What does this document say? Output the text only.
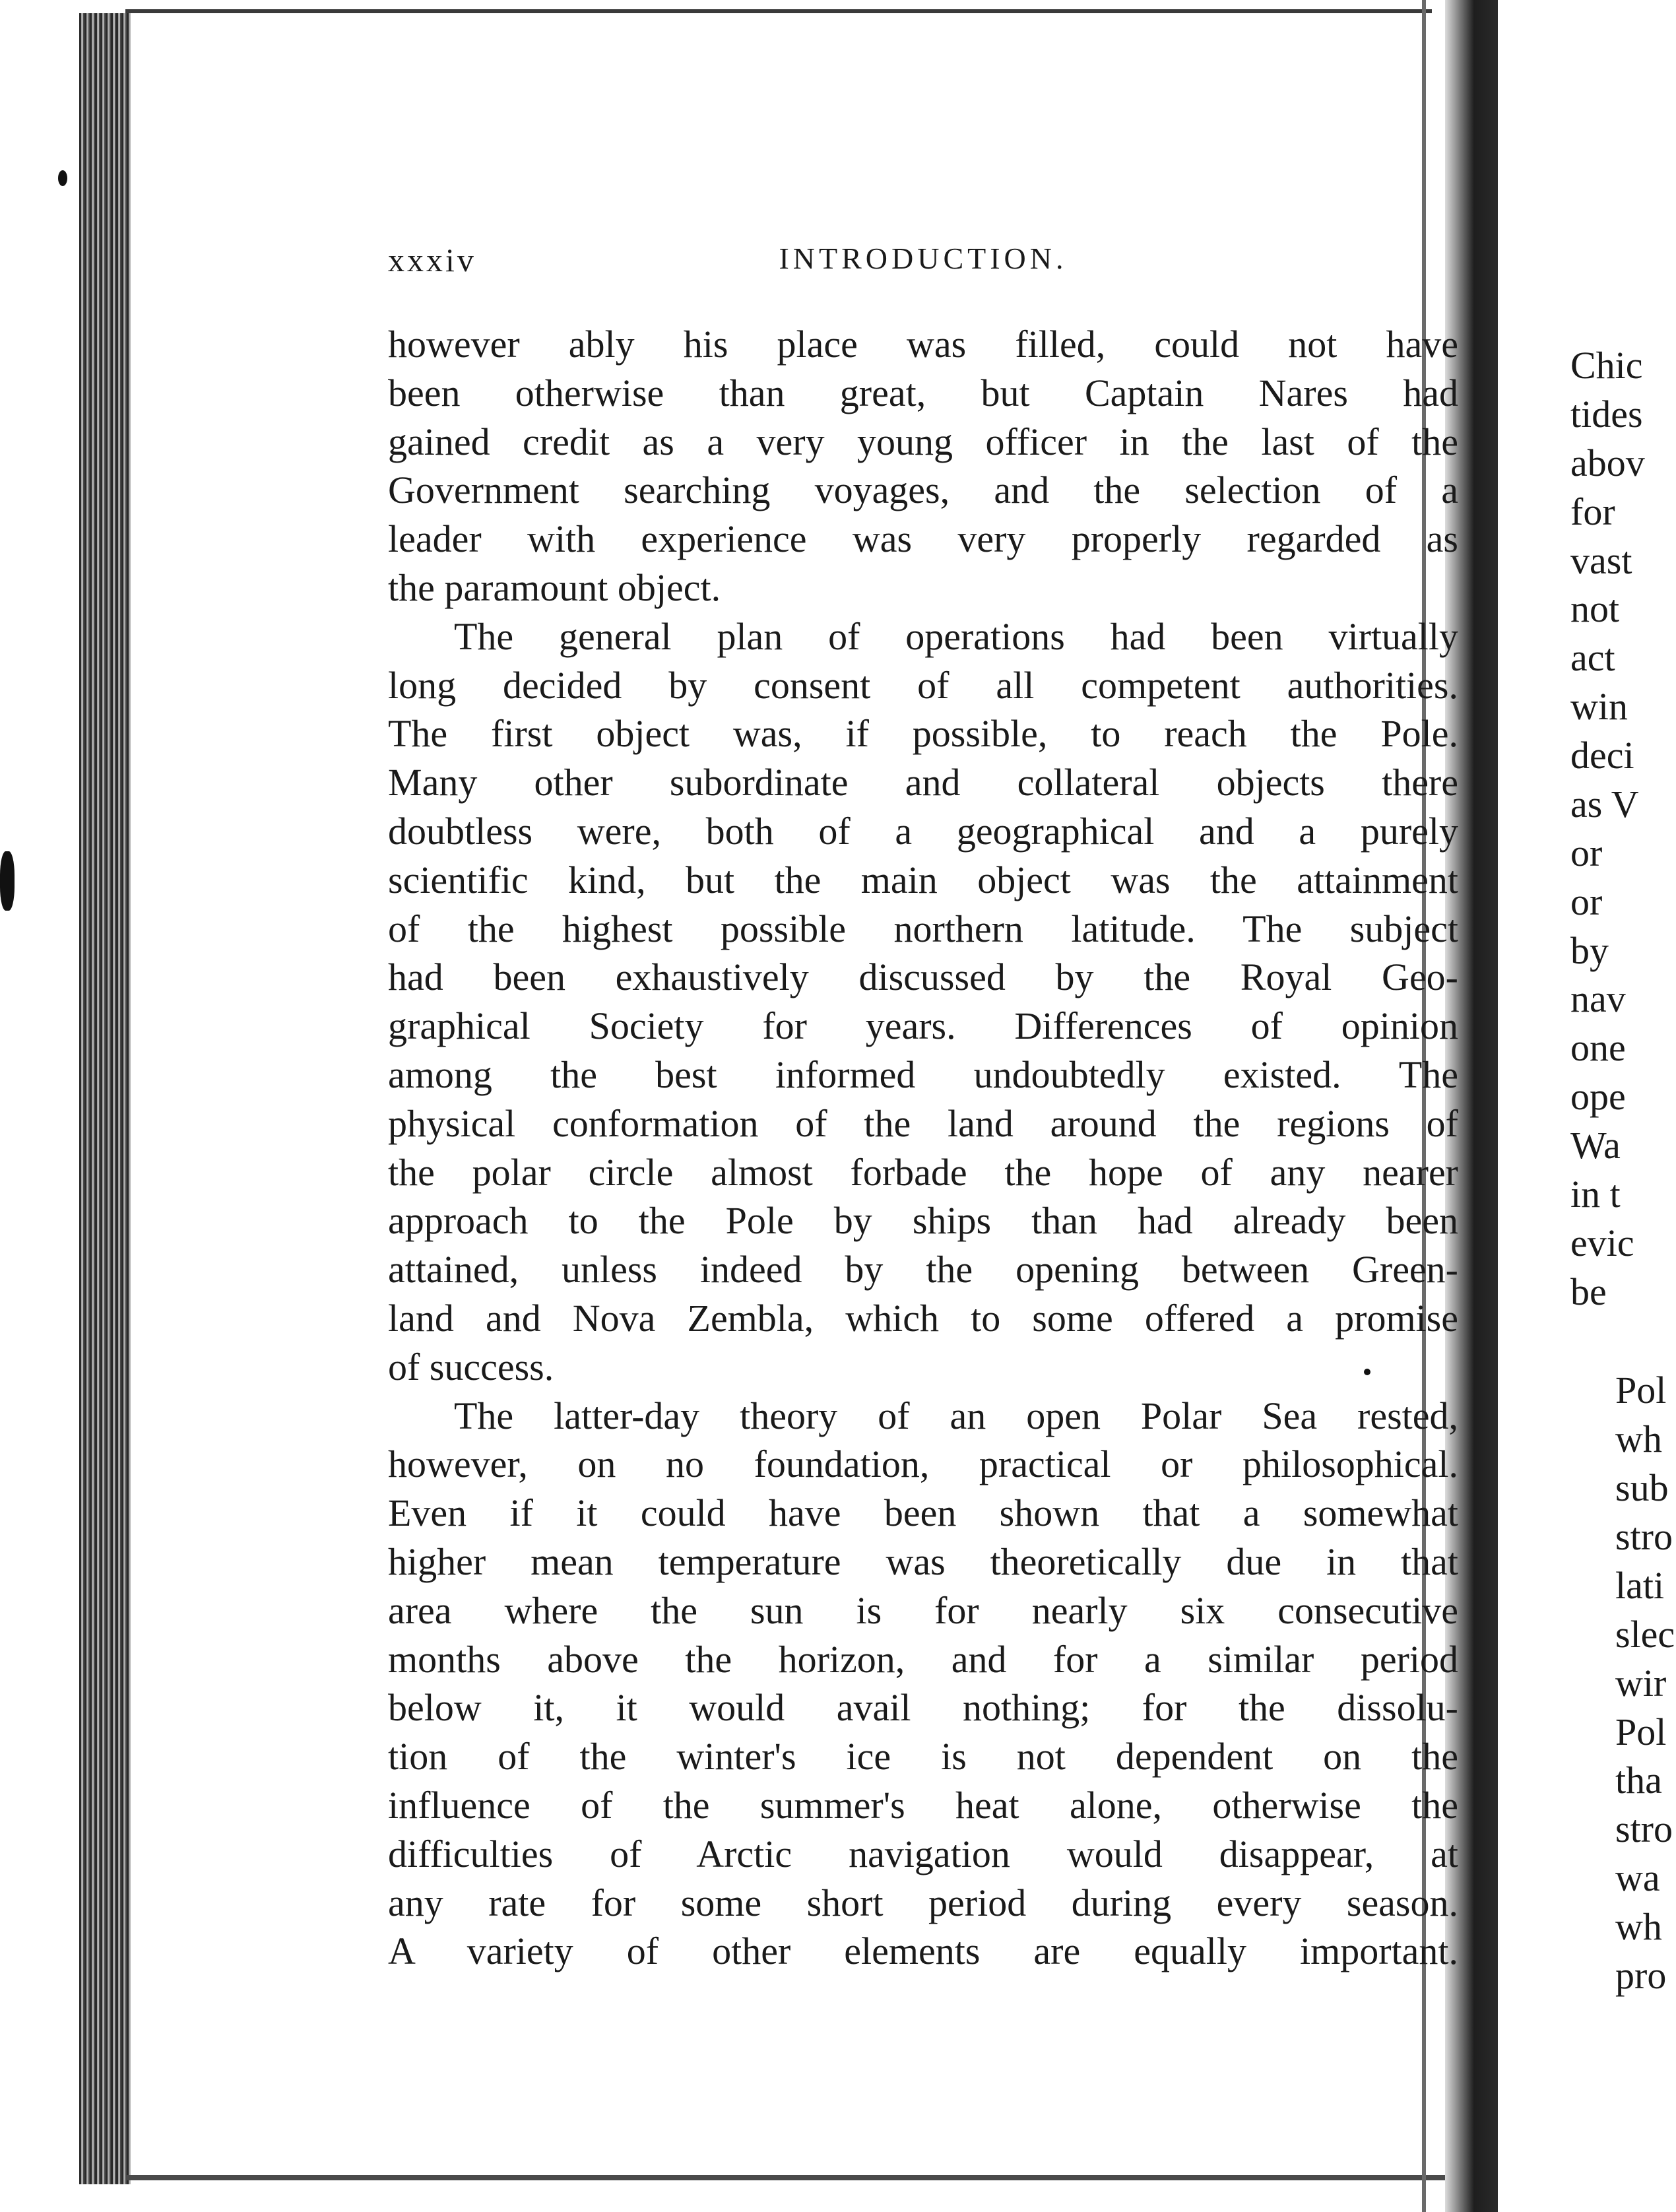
xxxiv	INTRODUCTION.
however ably his place was filled, could not have
been otherwise than great, but Captain Nares had
gained credit as a very young officer in the last of the
Government searching voyages, and the selection of a
leader with experience was very properly regarded as
the paramount object.
The general plan of operations had been virtually
long decided by consent of all competent authorities.
The first object was, if possible, to reach the Pole.
Many other subordinate and collateral objects there
doubtless were, both of a geographical and a purely
scientific kind, but the main object was the attainment
of the highest possible northern latitude. The subject
had been exhaustively discussed by the Royal Geo-
graphical Society for years. Differences of opinion
among the best informed undoubtedly existed. The
physical conformation of the land around the regions of
the polar circle almost forbade the hope of any nearer
approach to the Pole by ships than had already been
attained, unless indeed by the opening between Green-
land and Nova Zembla, which to some offered a promise
of success.
The latter-day theory of an open Polar Sea rested,
however, on no foundation, practical or philosophical.
Even if it could have been shown that a somewhat
higher mean temperature was theoretically due in that
area where the sun is for nearly six consecutive
months above the horizon, and for a similar period
below it, it would avail nothing; for the dissolu-
tion of the winter's ice is not dependent on the
influence of the summer's heat alone, otherwise the
difficulties of Arctic navigation would disappear, at
any rate for some short period during every season.
A variety of other elements are equally important.
Chic
tides
abov
for
vast
not
act
win
deci
as V
or
or
by
nav
one
ope
Wa
in t
evic
be
Pol
wh
sub
stro
lati
slec
wir
Pol
tha
stro
wa
wh
pro
